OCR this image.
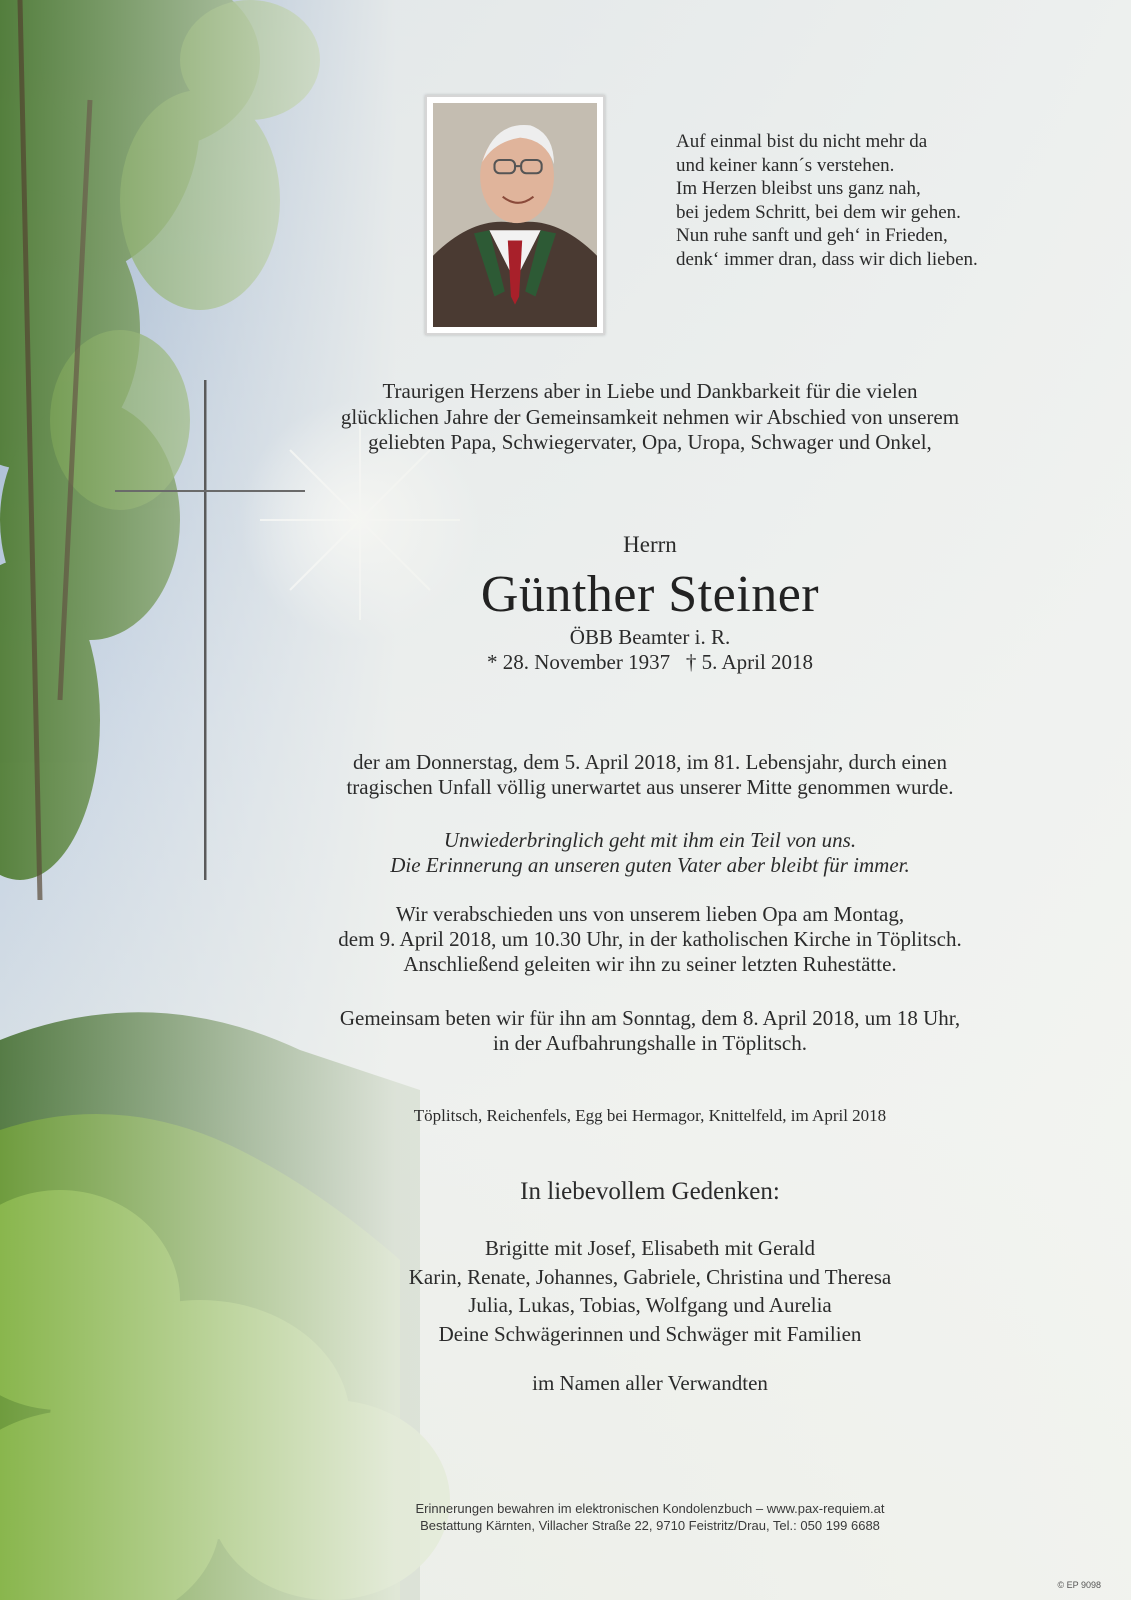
Auf einmal bist du nicht mehr da
und keiner kann´s verstehen.
Im Herzen bleibst uns ganz nah,
bei jedem Schritt, bei dem wir gehen.
Nun ruhe sanft und geh‘ in Frieden,
denk‘ immer dran, dass wir dich lieben.
Traurigen Herzens aber in Liebe und Dankbarkeit für die vielen
glücklichen Jahre der Gemeinsamkeit nehmen wir Abschied von unserem
geliebten Papa, Schwiegervater, Opa, Uropa, Schwager und Onkel,
Herrn
Günther Steiner
ÖBB Beamter i. R.
* 28. November 1937   † 5. April 2018
der am Donnerstag, dem 5. April 2018, im 81. Lebensjahr, durch einen
tragischen Unfall völlig unerwartet aus unserer Mitte genommen wurde.
Unwiederbringlich geht mit ihm ein Teil von uns.
Die Erinnerung an unseren guten Vater aber bleibt für immer.
Wir verabschieden uns von unserem lieben Opa am Montag,
dem 9. April 2018, um 10.30 Uhr, in der katholischen Kirche in Töplitsch.
Anschließend geleiten wir ihn zu seiner letzten Ruhestätte.
Gemeinsam beten wir für ihn am Sonntag, dem 8. April 2018, um 18 Uhr,
in der Aufbahrungshalle in Töplitsch.
Töplitsch, Reichenfels, Egg bei Hermagor, Knittelfeld, im April 2018
In liebevollem Gedenken:
Brigitte mit Josef, Elisabeth mit Gerald
Karin, Renate, Johannes, Gabriele, Christina und Theresa
Julia, Lukas, Tobias, Wolfgang und Aurelia
Deine Schwägerinnen und Schwäger mit Familien
im Namen aller Verwandten
Erinnerungen bewahren im elektronischen Kondolenzbuch – www.pax-requiem.at
Bestattung Kärnten, Villacher Straße 22, 9710 Feistritz/Drau, Tel.: 050 199 6688
© EP 9098
